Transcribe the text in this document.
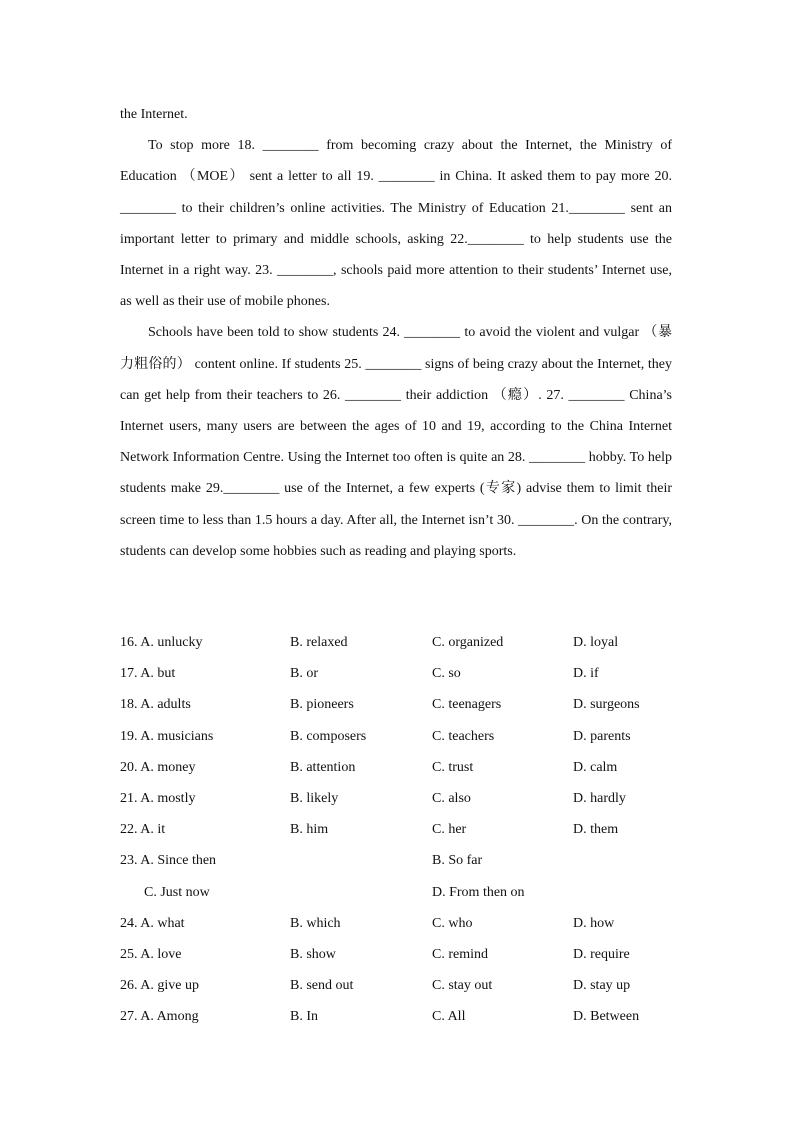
the Internet.

To stop more 18. ________ from becoming crazy about the Internet, the Ministry of Education （MOE） sent a letter to all 19. ________ in China. It asked them to pay more 20. ________ to their children’s online activities. The Ministry of Education 21.________ sent an important letter to primary and middle schools, asking 22.________ to help students use the Internet in a right way. 23. ________, schools paid more attention to their students’ Internet use, as well as their use of mobile phones.

Schools have been told to show students 24. ________ to avoid the violent and vulgar （暴力粗俗的） content online. If students 25. ________ signs of being crazy about the Internet, they can get help from their teachers to 26. ________ their addiction （瘾）. 27. ________ China’s Internet users, many users are between the ages of 10 and 19, according to the China Internet Network Information Centre. Using the Internet too often is quite an 28. ________ hobby. To help students make 29.________ use of the Internet, a few experts (专家) advise them to limit their screen time to less than 1.5 hours a day. After all, the Internet isn’t 30. ________. On the contrary, students can develop some hobbies such as reading and playing sports.

16. A. unlucky	B. relaxed	C. organized	D. loyal
17. A. but	B. or	C. so	D. if
18. A. adults	B. pioneers	C. teenagers	D. surgeons
19. A. musicians	B. composers	C. teachers	D. parents
20. A. money	B. attention	C. trust	D. calm
21. A. mostly	B. likely	C. also	D. hardly
22. A. it	B. him	C. her	D. them
23. A. Since then	B. So far
C. Just now	D. From then on
24. A. what	B. which	C. who	D. how
25. A. love	B. show	C. remind	D. require
26. A. give up	B. send out	C. stay out	D. stay up
27. A. Among	B. In	C. All	D. Between
